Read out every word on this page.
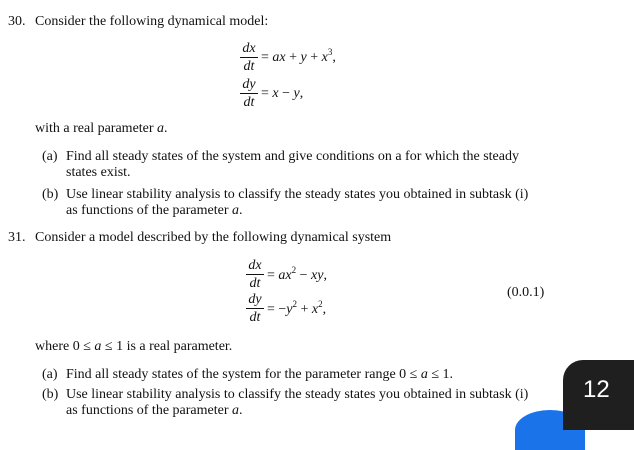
30. Consider the following dynamical model:
dx
dt
= ax + $y + x^3$,
dy
dt
= x − y,
with a real parameter a.
(a) Find all steady states of the system and give conditions on a for which the steady
states exist.
(b) Use linear stability analysis to classify the steady states you obtained in subtask (i)
as functions of the parameter a.
31. Consider a model described by the following dynamical system
dx
dt
= $ax^2$ − xy,
dy
dt
= $-y^2 + x^2$,
(0.0.1)
where 0 ≤ a ≤ 1 is a real parameter.
(a) Find all steady states of the system for the parameter range 0 ≤ a ≤ 1.
(b) Use linear stability analysis to classify the steady states you obtained in subtask (i)
as functions of the parameter a.
12
